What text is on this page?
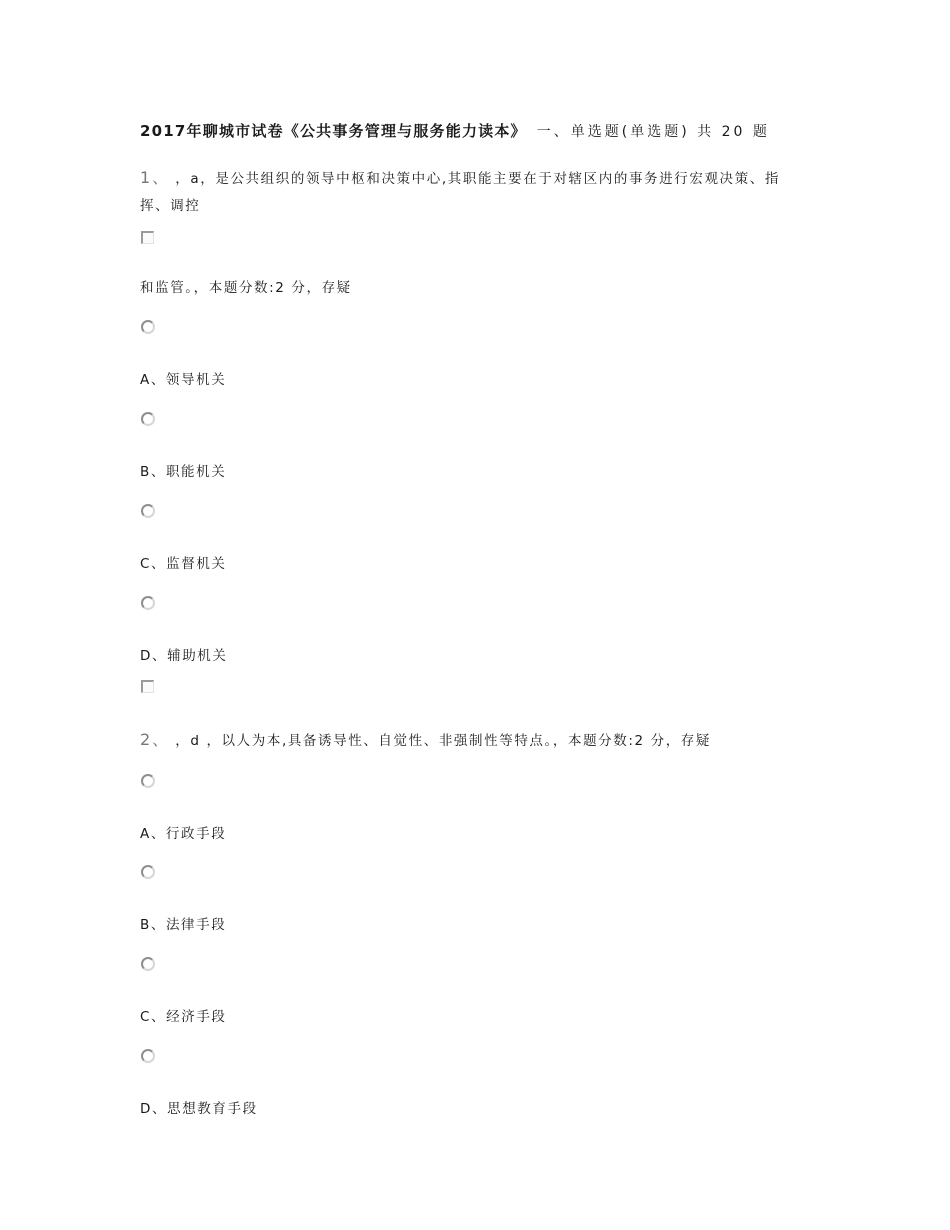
2017年聊城市试卷《公共事务管理与服务能力读本》 一、单选题(单选题) 共 20 题
1、 ，a，是公共组织的领导中枢和决策中心,其职能主要在于对辖区内的事务进行宏观决策、指
挥、调控
和监管。，本题分数:2 分，存疑
A、领导机关
B、职能机关
C、监督机关
D、辅助机关
2、 ，d ，以人为本,具备诱导性、自觉性、非强制性等特点。，本题分数:2 分，存疑
A、行政手段
B、法律手段
C、经济手段
D、思想教育手段
